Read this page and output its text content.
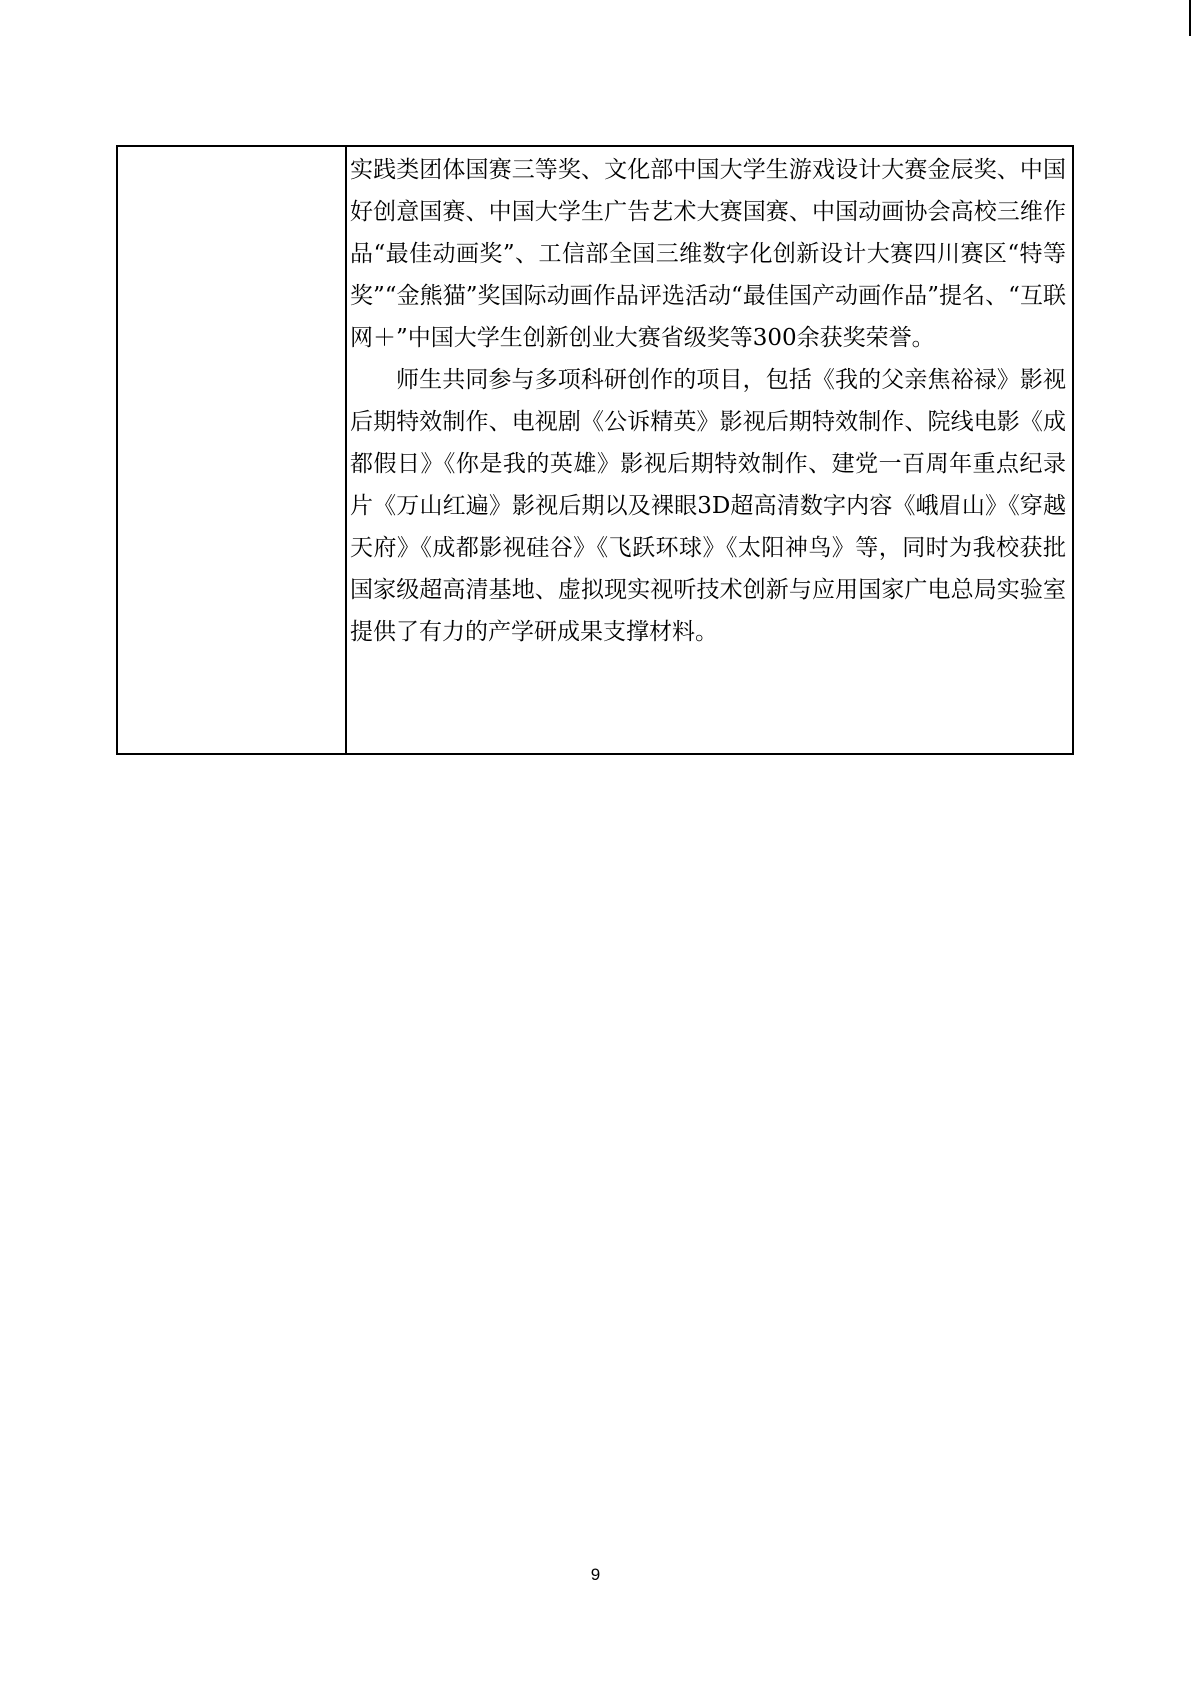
实践类团体国赛三等奖、文化部中国大学生游戏设计大赛金辰奖、中国好创意国赛、中国大学生广告艺术大赛国赛、中国动画协会高校三维作品“最佳动画奖”、工信部全国三维数字化创新设计大赛四川赛区“特等奖”“金熊猫”奖国际动画作品评选活动“最佳国产动画作品”提名、“互联网＋”中国大学生创新创业大赛省级奖等300余获奖荣誉。

师生共同参与多项科研创作的项目，包括《我的父亲焦裕禄》影视后期特效制作、电视剧《公诉精英》影视后期特效制作、院线电影《成都假日》《你是我的英雄》影视后期特效制作、建党一百周年重点纪录片《万山红遍》影视后期以及裸眼3D超高清数字内容《峨眉山》《穿越天府》《成都影视硅谷》《飞跃环球》《太阳神鸟》等，同时为我校获批国家级超高清基地、虚拟现实视听技术创新与应用国家广电总局实验室提供了有力的产学研成果支撑材料。

9
